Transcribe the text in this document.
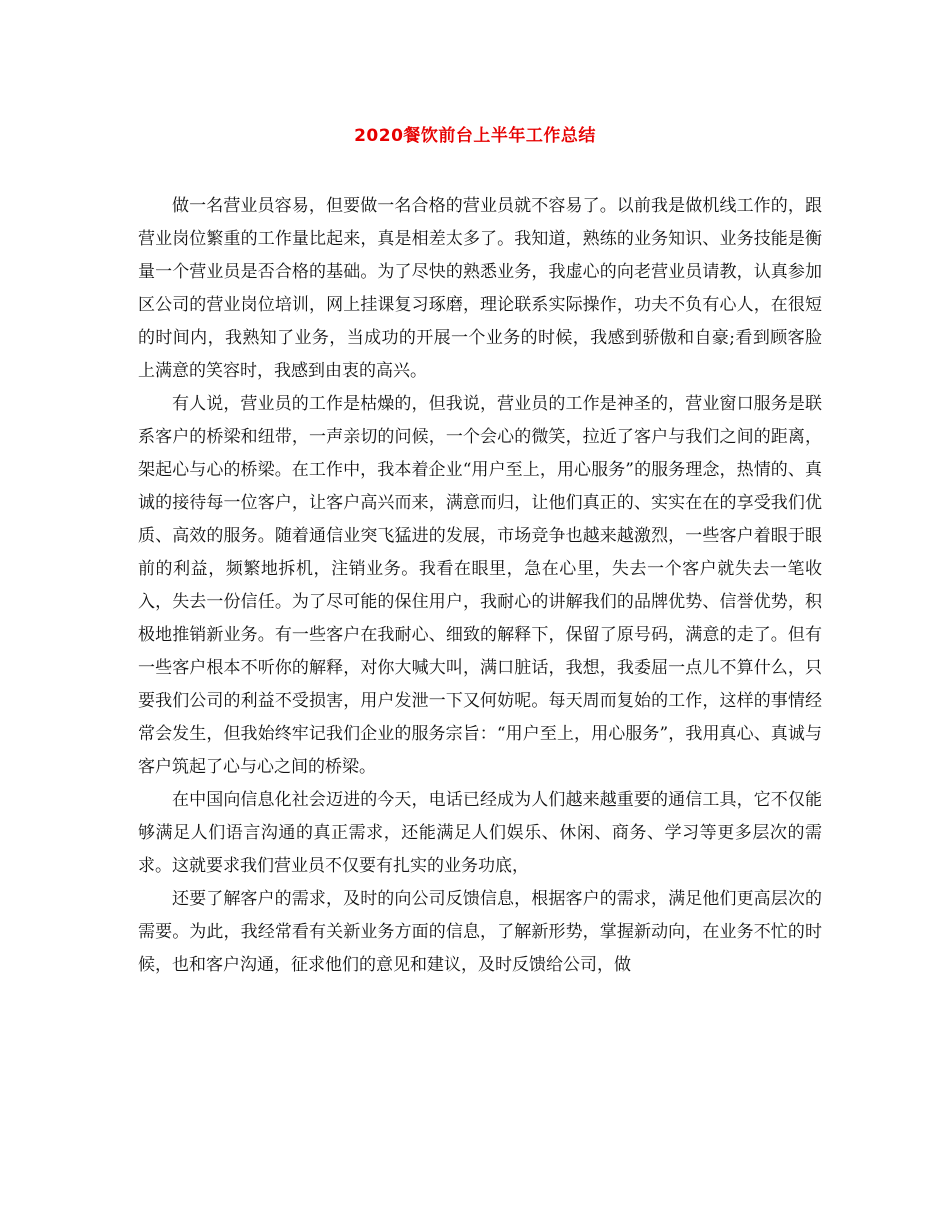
2020餐饮前台上半年工作总结

做一名营业员容易，但要做一名合格的营业员就不容易了。以前我是做机线工作的，跟营业岗位繁重的工作量比起来，真是相差太多了。我知道，熟练的业务知识、业务技能是衡量一个营业员是否合格的基础。为了尽快的熟悉业务，我虚心的向老营业员请教，认真参加区公司的营业岗位培训，网上挂课复习琢磨，理论联系实际操作，功夫不负有心人，在很短的时间内，我熟知了业务，当成功的开展一个业务的时候，我感到骄傲和自豪;看到顾客脸上满意的笑容时，我感到由衷的高兴。

有人说，营业员的工作是枯燥的，但我说，营业员的工作是神圣的，营业窗口服务是联系客户的桥梁和纽带，一声亲切的问候，一个会心的微笑，拉近了客户与我们之间的距离，架起心与心的桥梁。在工作中，我本着企业“用户至上，用心服务”的服务理念，热情的、真诚的接待每一位客户，让客户高兴而来，满意而归，让他们真正的、实实在在的享受我们优质、高效的服务。随着通信业突飞猛进的发展，市场竞争也越来越激烈，一些客户着眼于眼前的利益，频繁地拆机，注销业务。我看在眼里，急在心里，失去一个客户就失去一笔收入，失去一份信任。为了尽可能的保住用户，我耐心的讲解我们的品牌优势、信誉优势，积极地推销新业务。有一些客户在我耐心、细致的解释下，保留了原号码，满意的走了。但有一些客户根本不听你的解释，对你大喊大叫，满口脏话，我想，我委屈一点儿不算什么，只要我们公司的利益不受损害，用户发泄一下又何妨呢。每天周而复始的工作，这样的事情经常会发生，但我始终牢记我们企业的服务宗旨：“用户至上，用心服务”，我用真心、真诚与客户筑起了心与心之间的桥梁。

在中国向信息化社会迈进的今天，电话已经成为人们越来越重要的通信工具，它不仅能够满足人们语言沟通的真正需求，还能满足人们娱乐、休闲、商务、学习等更多层次的需求。这就要求我们营业员不仅要有扎实的业务功底，

还要了解客户的需求，及时的向公司反馈信息，根据客户的需求，满足他们更高层次的需要。为此，我经常看有关新业务方面的信息，了解新形势，掌握新动向，在业务不忙的时候，也和客户沟通，征求他们的意见和建议，及时反馈给公司，做
